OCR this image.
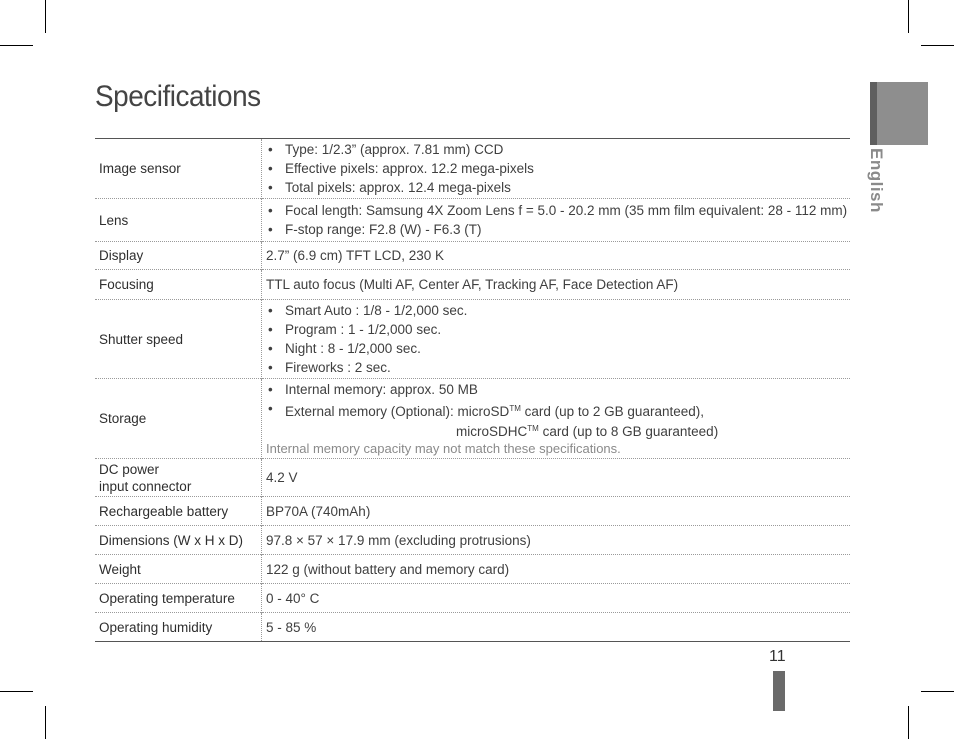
Specifications
English
Image sensor	• Type: 1/2.3” (approx. 7.81 mm) CCD
• Effective pixels: approx. 12.2 mega-pixels
• Total pixels: approx. 12.4 mega-pixels

Lens	• Focal length: Samsung 4X Zoom Lens f = 5.0 - 20.2 mm (35 mm film equivalent: 28 - 112 mm)
• F-stop range: F2.8 (W) - F6.3 (T)

Display	2.7” (6.9 cm) TFT LCD, 230 K
Focusing	TTL auto focus (Multi AF, Center AF, Tracking AF, Face Detection AF)
Shutter speed	• Smart Auto : 1/8 - 1/2,000 sec.
• Program : 1 - 1/2,000 sec.
• Night : 8 - 1/2,000 sec.
• Fireworks : 2 sec.

Storage	• Internal memory: approx. 50 MB
• External memory (Optional): microSD™ card (up to 2 GB guaranteed),
microSDHC™ card (up to 8 GB guaranteed)
Internal memory capacity may not match these specifications.

DC power
input connector	4.2 V
Rechargeable battery	BP70A (740mAh)
Dimensions (W x H x D)	97.8 × 57 × 17.9 mm (excluding protrusions)
Weight	122 g (without battery and memory card)
Operating temperature	0 - 40° C
Operating humidity	5 - 85 %
11
